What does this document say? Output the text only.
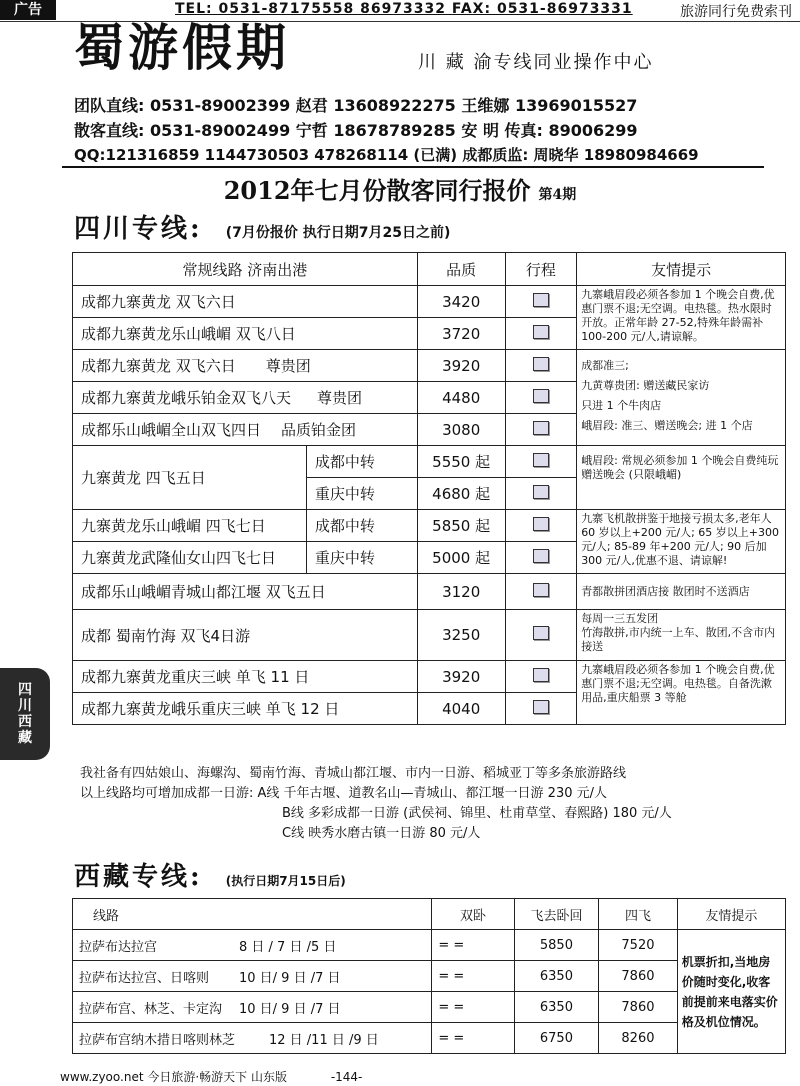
广告	TEL: 0531-87175558 86973332 FAX: 0531-86973331	旅游同行免费索刊
蜀游假期	川 藏 渝专线同业操作中心
团队直线: 0531-89002399 赵君 13608922275 王维娜 13969015527
散客直线: 0531-89002499 宁哲 18678789285 安 明 传真: 89006299
QQ:121316859 1144730503 478268114 (已满) 成都质监: 周晓华 18980984669
2012年七月份散客同行报价 第4期
四川专线: (7月份报价 执行日期7月25日之前)
常规线路 济南出港		品质	行程	友情提示
成都九寨黄龙 双飞六日		3420		九寨峨眉段必须各参加 1 个晚会自费,优惠门票不退;无空调。电热毯。热水限时开放。正常年龄 27-52,特殊年龄需补 100-200 元/人,请谅解。
成都九寨黄龙乐山峨嵋 双飞八日		3720		
成都九寨黄龙 双飞六日 尊贵团		3920		成都准三;
九黄尊贵团: 赠送藏民家访
只进 1 个牛肉店
峨眉段: 准三、赠送晚会; 进 1 个店

成都九寨黄龙峨乐铂金双飞八天 尊贵团		4480		
成都乐山峨嵋全山双飞四日 品质铂金团		3080		
九寨黄龙 四飞五日	成都中转	5550 起		峨眉段: 常规必须参加 1 个晚会自费纯玩赠送晚会 (只限峨嵋)
	重庆中转	4680 起		
九寨黄龙乐山峨嵋 四飞七日	成都中转	5850 起		九寨飞机散拼鉴于地接亏损太多,老年人 60 岁以上+200 元/人; 65 岁以上+300 元/人; 85-89 年+200 元/人; 90 后加 300 元/人,优惠不退、请谅解!
九寨黄龙武隆仙女山四飞七日	重庆中转	5000 起		
成都乐山峨嵋青城山都江堰 双飞五日		3120		青都散拼团酒店接 散团时不送酒店
成都 蜀南竹海 双飞4日游		3250		每周一三五发团
竹海散拼,市内统一上车、散团,不含市内接送

成都九寨黄龙重庆三峡 单飞 11 日		3920		九寨峨眉段必须各参加 1 个晚会自费,优惠门票不退;无空调。电热毯。自备洗漱用品,重庆船票 3 等舱
成都九寨黄龙峨乐重庆三峡 单飞 12 日		4040		
四川西藏
我社备有四姑娘山、海螺沟、蜀南竹海、青城山都江堰、市内一日游、稻城亚丁等多条旅游路线
以上线路均可增加成都一日游: A线 千年古堰、道教名山—青城山、都江堰一日游 230 元/人
B线 多彩成都一日游 (武侯祠、锦里、杜甫草堂、春熙路) 180 元/人
C线 映秀水磨古镇一日游 80 元/人
西藏专线: (执行日期7月15日后)
线路	双卧	飞去卧回	四飞	友情提示
拉萨布达拉宫 8 日 / 7 日 /5 日	= =	5850	7520	机票折扣,当地房价随时变化,收客前提前来电落实价格及机位情况。
拉萨布达拉宫、日喀则 10 日/ 9 日 /7 日	= =	6350	7860	
拉萨布宫、林芝、卡定沟 10 日/ 9 日 /7 日	= =	6350	7860	
拉萨布宫纳木措日喀则林芝 12 日 /11 日 /9 日	= =	6750	8260	
www.zyoo.net 今日旅游·畅游天下 山东版	-144-
